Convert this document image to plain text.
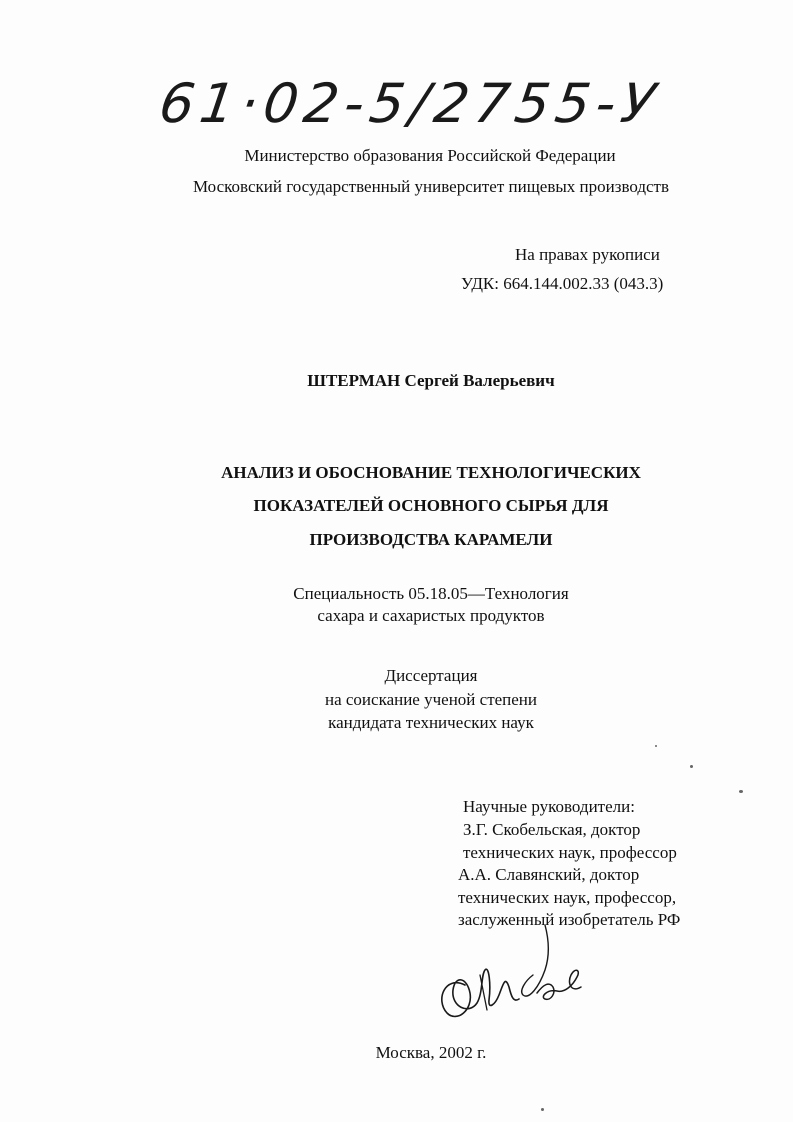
61·02-5/2755-У
Министерство образования Российской Федерации
Московский государственный университет пищевых производств
На правах рукописи
УДК: 664.144.002.33 (043.3)
ШТЕРМАН Сергей Валерьевич
АНАЛИЗ И ОБОСНОВАНИЕ ТЕХНОЛОГИЧЕСКИХ
ПОКАЗАТЕЛЕЙ ОСНОВНОГО СЫРЬЯ ДЛЯ
ПРОИЗВОДСТВА КАРАМЕЛИ
Специальность 05.18.05—Технология
сахара и сахаристых продуктов
Диссертация
на соискание ученой степени
кандидата технических наук
Научные руководители:
З.Г. Скобельская, доктор
технических наук, профессор
А.А. Славянский, доктор
технических наук, профессор,
заслуженный изобретатель РФ
Москва, 2002 г.
